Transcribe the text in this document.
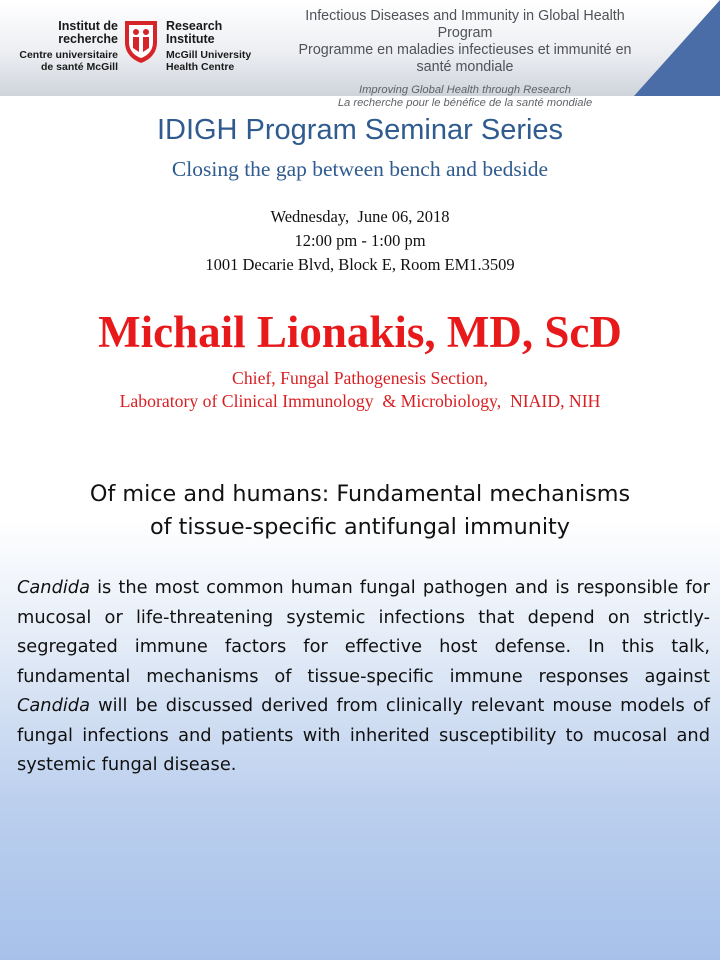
Institut de
recherche
Centre universitaire
de santé McGill
Research
Institute
McGill University
Health Centre
Infectious Diseases and Immunity in Global Health Program
Programme en maladies infectieuses et immunité en santé mondiale
Improving Global Health through Research
La recherche pour le bénéfice de la santé mondiale
IDIGH Program Seminar Series
Closing the gap between bench and bedside
Wednesday,  June 06, 2018
12:00 pm - 1:00 pm
1001 Decarie Blvd, Block E, Room EM1.3509
Michail Lionakis, MD, ScD
Chief, Fungal Pathogenesis Section,
Laboratory of Clinical Immunology  & Microbiology,  NIAID, NIH
Of mice and humans: Fundamental mechanisms
of tissue-specific antifungal immunity
Candida is the most common human fungal pathogen and is responsible for mucosal or life-threatening systemic infections that depend on strictly-segregated immune factors for effective host defense. In this talk, fundamental mechanisms of tissue-specific immune responses against Candida will be discussed derived from clinically relevant mouse models of fungal infections and patients with inherited susceptibility to mucosal and systemic fungal disease.
